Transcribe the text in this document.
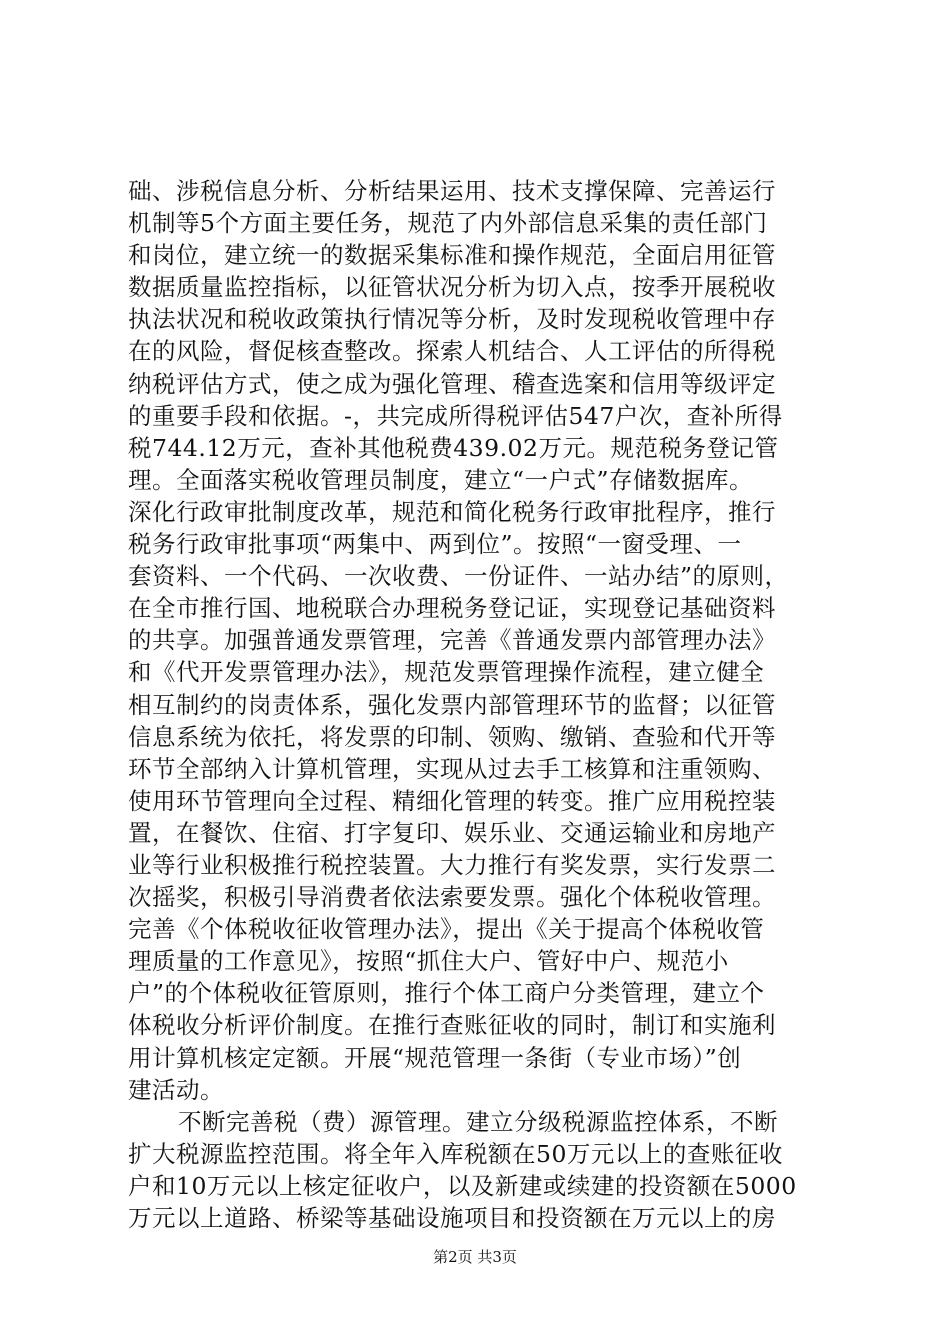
础、涉税信息分析、分析结果运用、技术支撑保障、完善运行
机制等5个方面主要任务，规范了内外部信息采集的责任部门
和岗位，建立统一的数据采集标准和操作规范，全面启用征管
数据质量监控指标，以征管状况分析为切入点，按季开展税收
执法状况和税收政策执行情况等分析，及时发现税收管理中存
在的风险，督促核查整改。探索人机结合、人工评估的所得税
纳税评估方式，使之成为强化管理、稽查选案和信用等级评定
的重要手段和依据。-，共完成所得税评估547户次，查补所得
税744.12万元，查补其他税费439.02万元。规范税务登记管
理。全面落实税收管理员制度，建立“一户式”存储数据库。
深化行政审批制度改革，规范和简化税务行政审批程序，推行
税务行政审批事项“两集中、两到位”。按照“一窗受理、一
套资料、一个代码、一次收费、一份证件、一站办结”的原则，
在全市推行国、地税联合办理税务登记证，实现登记基础资料
的共享。加强普通发票管理，完善《普通发票内部管理办法》
和《代开发票管理办法》，规范发票管理操作流程，建立健全
相互制约的岗责体系，强化发票内部管理环节的监督；以征管
信息系统为依托，将发票的印制、领购、缴销、查验和代开等
环节全部纳入计算机管理，实现从过去手工核算和注重领购、
使用环节管理向全过程、精细化管理的转变。推广应用税控装
置，在餐饮、住宿、打字复印、娱乐业、交通运输业和房地产
业等行业积极推行税控装置。大力推行有奖发票，实行发票二
次摇奖，积极引导消费者依法索要发票。强化个体税收管理。
完善《个体税收征收管理办法》，提出《关于提高个体税收管
理质量的工作意见》，按照“抓住大户、管好中户、规范小
户”的个体税收征管原则，推行个体工商户分类管理，建立个
体税收分析评价制度。在推行查账征收的同时，制订和实施利
用计算机核定定额。开展“规范管理一条街（专业市场）”创
建活动。
不断完善税（费）源管理。建立分级税源监控体系，不断
扩大税源监控范围。将全年入库税额在50万元以上的查账征收
户和10万元以上核定征收户，以及新建或续建的投资额在5000
万元以上道路、桥梁等基础设施项目和投资额在万元以上的房
第2页 共3页
